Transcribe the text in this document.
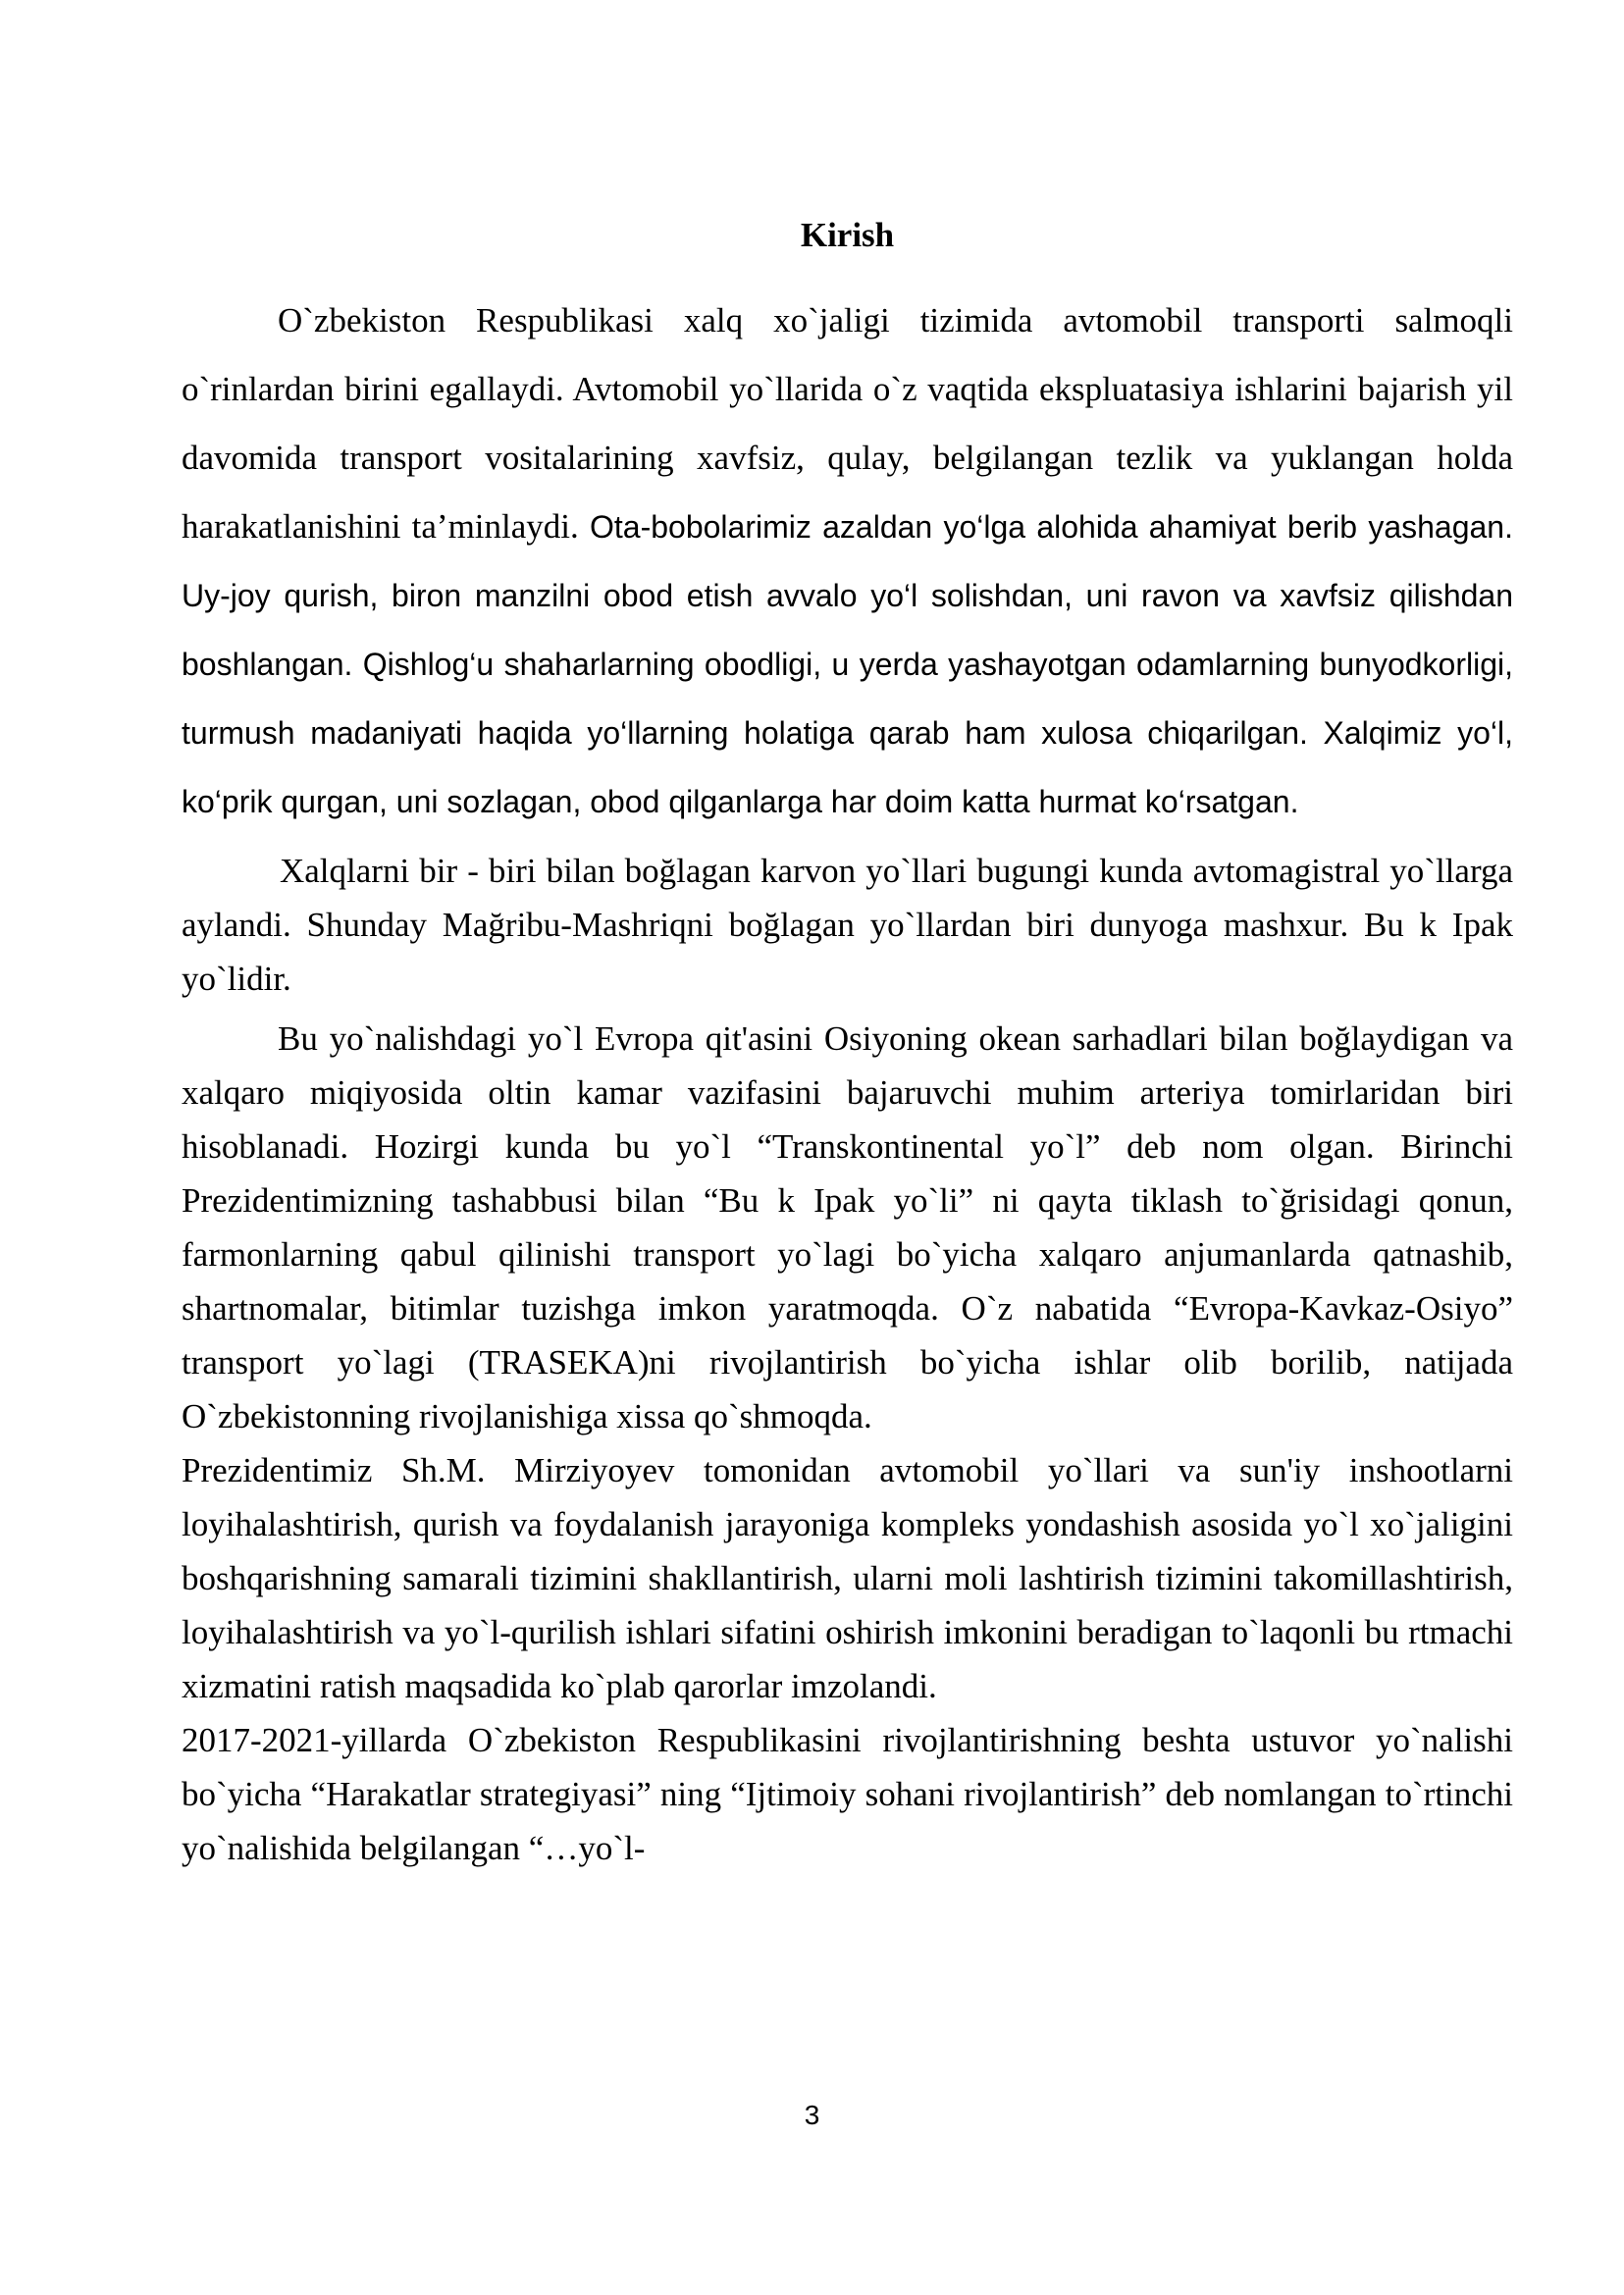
Kirish

O`zbekiston Respublikasi xalq xo`jaligi tizimida avtomobil transporti salmoqli o`rinlardan birini egallaydi. Avtomobil yo`llarida o`z vaqtida ekspluatasiya ishlarini bajarish yil davomida transport vositalarining xavfsiz, qulay, belgilangan tezlik va yuklangan holda harakatlanishini ta’minlaydi. Ota-bobolarimiz azaldan yo‘lga alohida ahamiyat berib yashagan. Uy-joy qurish, biron manzilni obod etish avvalo yo‘l solishdan, uni ravon va xavfsiz qilishdan boshlangan. Qishlog‘u shaharlarning obodligi, u yerda yashayotgan odamlarning bunyodkorligi, turmush madaniyati haqida yo‘llarning holatiga qarab ham xulosa chiqarilgan. Xalqimiz yo‘l, ko‘prik qurgan, uni sozlagan, obod qilganlarga har doim katta hurmat ko‘rsatgan.

Xalqlarni bir - biri bilan boğlagan karvon yo`llari bugungi kunda avtomagistral yo`llarga aylandi. Shunday Mağribu-Mashriqni boğlagan yo`llardan biri dunyoga mashxur. Bu k Ipak yo`lidir.

Bu yo`nalishdagi yo`l Evropa qit'asini Osiyoning okean sarhadlari bilan boğlaydigan va xalqaro miqiyosida oltin kamar vazifasini bajaruvchi muhim arteriya tomirlaridan biri hisoblanadi. Hozirgi kunda bu yo`l “Transkontinental yo`l” deb nom olgan. Birinchi Prezidentimizning tashabbusi bilan “Bu k Ipak yo`li” ni qayta tiklash to`ğrisidagi qonun, farmonlarning qabul qilinishi transport yo`lagi bo`yicha xalqaro anjumanlarda qatnashib, shartnomalar, bitimlar tuzishga imkon yaratmoqda. O`z nabatida “Evropa-Kavkaz-Osiyo” transport yo`lagi (TRASEKA)ni rivojlantirish bo`yicha ishlar olib borilib, natijada O`zbekistonning rivojlanishiga xissa qo`shmoqda.

Prezidentimiz Sh.M. Mirziyoyev tomonidan avtomobil yo`llari va sun'iy inshootlarni loyihalashtirish, qurish va foydalanish jarayoniga kompleks yondashish asosida yo`l xo`jaligini boshqarishning samarali tizimini shakllantirish, ularni moli lashtirish tizimini takomillashtirish, loyihalashtirish va yo`l-qurilish ishlari sifatini oshirish imkonini beradigan to`laqonli bu rtmachi xizmatini ratish maqsadida ko`plab qarorlar imzolandi.

2017-2021-yillarda O`zbekiston Respublikasini rivojlantirishning beshta ustuvor yo`nalishi bo`yicha “Harakatlar strategiyasi” ning “Ijtimoiy sohani rivojlantirish” deb nomlangan to`rtinchi yo`nalishida belgilangan “…yo`l-

3
